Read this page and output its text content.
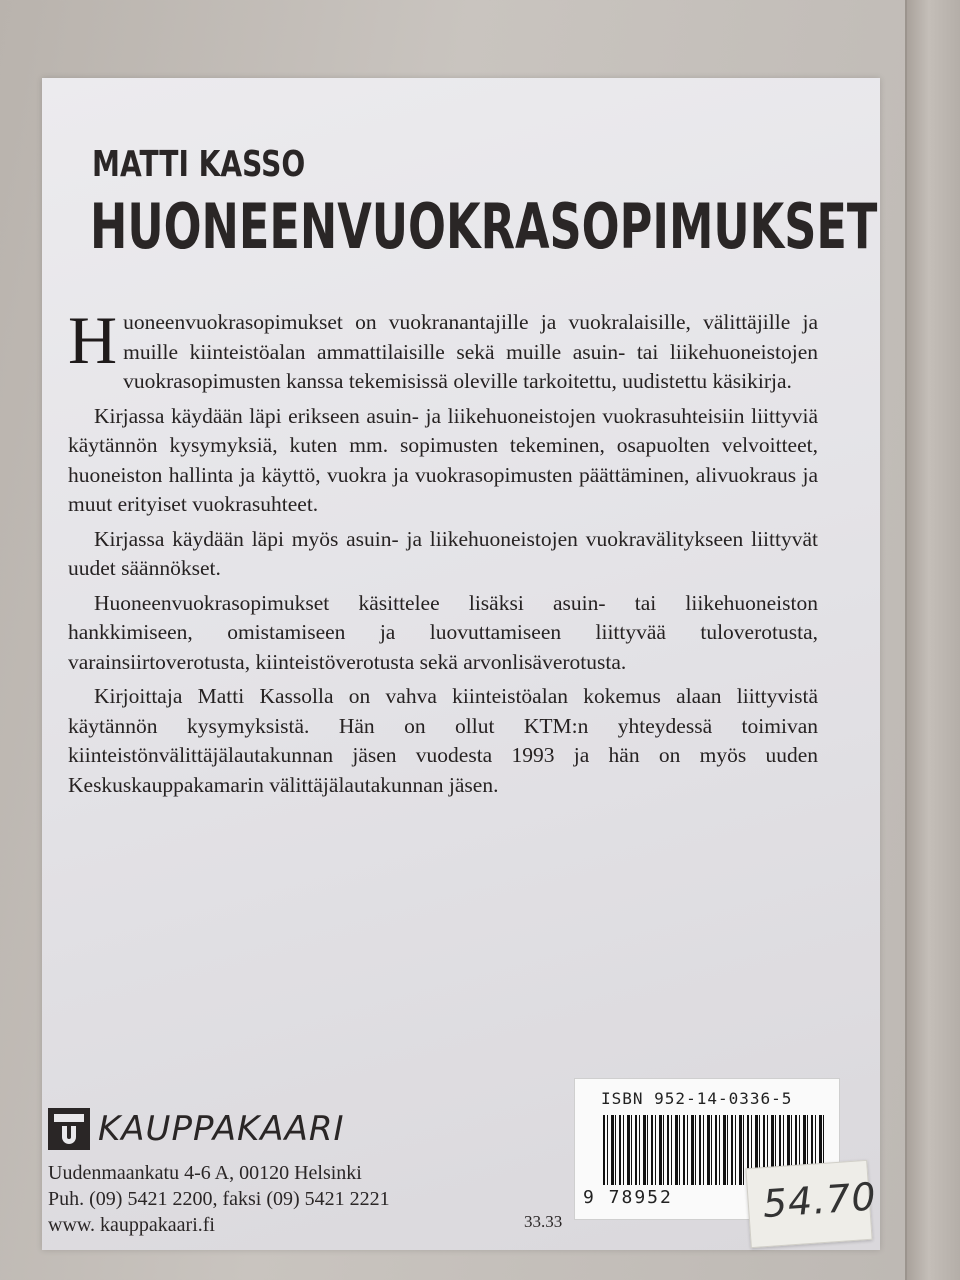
MATTI KASSO
HUONEENVUOKRASOPIMUKSET

Huoneenvuokrasopimukset on vuokranantajille ja vuokralaisille, välittäjille ja muille kiinteistöalan ammattilaisille sekä muille asuin- tai liikehuoneistojen vuokrasopimusten kanssa tekemisissä oleville tarkoitettu, uudistettu käsikirja.

Kirjassa käydään läpi erikseen asuin- ja liikehuoneistojen vuokrasuhteisiin liittyviä käytännön kysymyksiä, kuten mm. sopimusten tekeminen, osapuolten velvoitteet, huoneiston hallinta ja käyttö, vuokra ja vuokrasopimusten päättäminen, alivuokraus ja muut erityiset vuokrasuhteet.

Kirjassa käydään läpi myös asuin- ja liikehuoneistojen vuokravälitykseen liittyvät uudet säännökset.

Huoneenvuokrasopimukset käsittelee lisäksi asuin- tai liikehuoneiston hankkimiseen, omistamiseen ja luovuttamiseen liittyvää tuloverotusta, varainsiirtoverotusta, kiinteistöverotusta sekä arvonlisäverotusta.

Kirjoittaja Matti Kassolla on vahva kiinteistöalan kokemus alaan liittyvistä käytännön kysymyksistä. Hän on ollut KTM:n yhteydessä toimivan kiinteistönvälittäjälautakunnan jäsen vuodesta 1993 ja hän on myös uuden Keskuskauppakamarin välittäjälautakunnan jäsen.

KAUPPAKAARI
Uudenmaankatu 4-6 A, 00120 Helsinki
Puh. (09) 5421 2200, faksi (09) 5421 2221
www. kauppakaari.fi	33.33
ISBN 952-14-0336-5
9 78952 54.70
